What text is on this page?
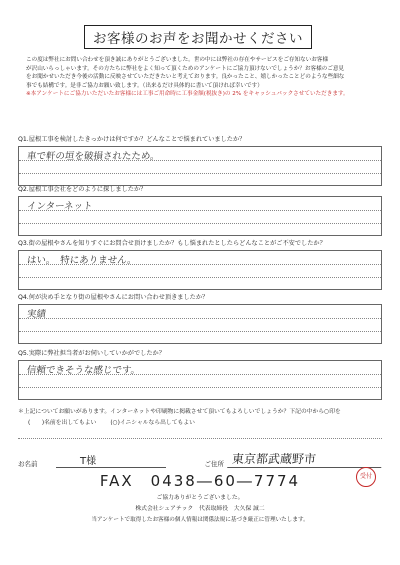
お客様のお声をお聞かせください

この度は弊社にお問い合わせを頂き誠にありがとうございました。世の中には弊社の存在やサービスをご存知ないお客様

が沢山いらっしゃいます。その方たちに弊社をよく知って頂くためのアンケートにご協力頂けないでしょうか？お客様のご意見

をお聞かせいただき今後の活動に反映させていただきたいと考えております。良かったこと、嬉しかったことどのような些細な

事でも結構です。是非ご協力お願い致します。（出来るだけ具体的に書いて頂ければ幸いです）

※本アンケートにご協力いただいたお客様には工事ご用命時に工事金額(税抜き)の 2% をキャッシュバックさせていただきます。

Q1.屋根工事を検討したきっかけは何ですか？どんなことで悩まれていましたか？
車で軒の垣を破損されたため。
Q2.屋根工事会社をどのように探しましたか？
インターネット
Q3.街の屋根やさんを知りすぐにお問合せ頂けましたか？もし悩まれたとしたらどんなことがご不安でしたか？
はい。　特にありません。
Q4.何が決め手となり街の屋根やさんにお問い合わせ頂きましたか？
実績
Q5.実際に弊社担当者がお伺いしていかがでしたか？
信頼できそうな感じです。

＊上記についてお願いがあります。インターネットや印刷物に掲載させて頂いてもよろしいでしょうか？下記の中から○印を

(　　)名前を出してもよい (○)イニシャルなら出してもよい
お名前	T様	ご住所 東京都武蔵野市
FAX　0438―60―7774	受付
ご協力ありがとうございました。
株式会社シェアテック　代表取締役　大久保 誠二
当アンケートで取得したお客様の個人情報は関係法規に基づき厳正に管理いたします。
